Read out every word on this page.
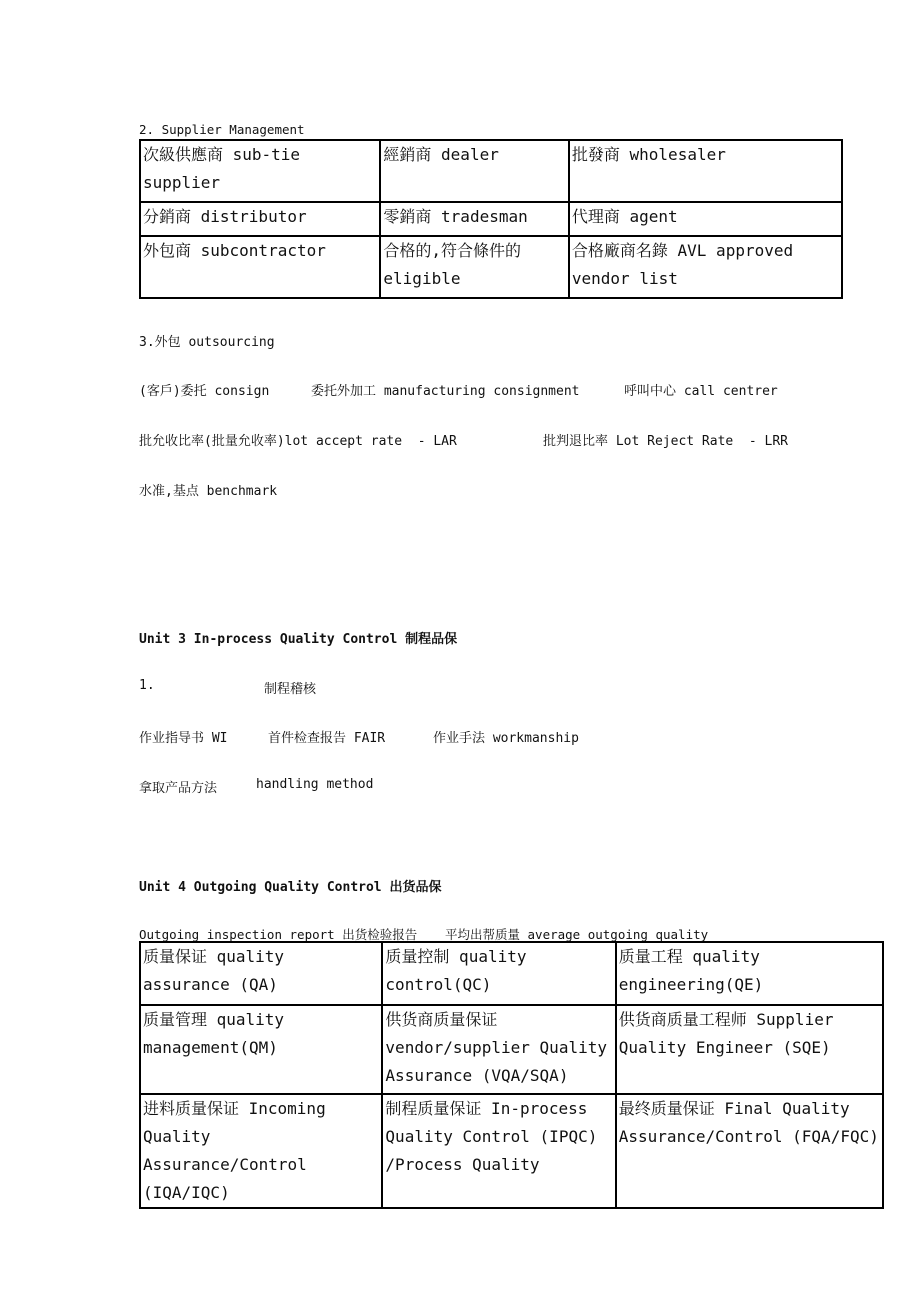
2. Supplier Management
次級供應商 sub-tie supplier	經銷商 dealer	批發商 wholesaler
分銷商 distributor	零銷商 tradesman	代理商 agent
外包商 subcontractor	合格的,符合條件的 eligible	合格廠商名錄 AVL approved vendor list
3.外包 outsourcing
(客戶)委托 consign	委托外加工 manufacturing consignment	呼叫中心 call centrer
批允收比率(批量允收率)lot accept rate  - LAR	批判退比率 Lot Reject Rate  - LRR
水准,基点 benchmark
Unit 3 In-process Quality Control 制程品保
1.	制程稽核
作业指导书 WI	首件检查报告 FAIR	作业手法 workmanship
拿取产品方法	handling method
Unit 4 Outgoing Quality Control 出货品保
Outgoing inspection report 出货检验报告 平均出帮质量 average outgoing quality
质量保证 quality assurance (QA)	质量控制 quality control(QC)	质量工程 quality engineering(QE)
质量管理 quality management(QM)	供货商质量保证 vendor/supplier Quality Assurance (VQA/SQA)	供货商质量工程师 Supplier Quality Engineer (SQE)
进料质量保证 Incoming Quality Assurance/Control (IQA/IQC)	制程质量保证 In-process Quality Control (IPQC) /Process Quality	最终质量保证 Final Quality Assurance/Control (FQA/FQC)
